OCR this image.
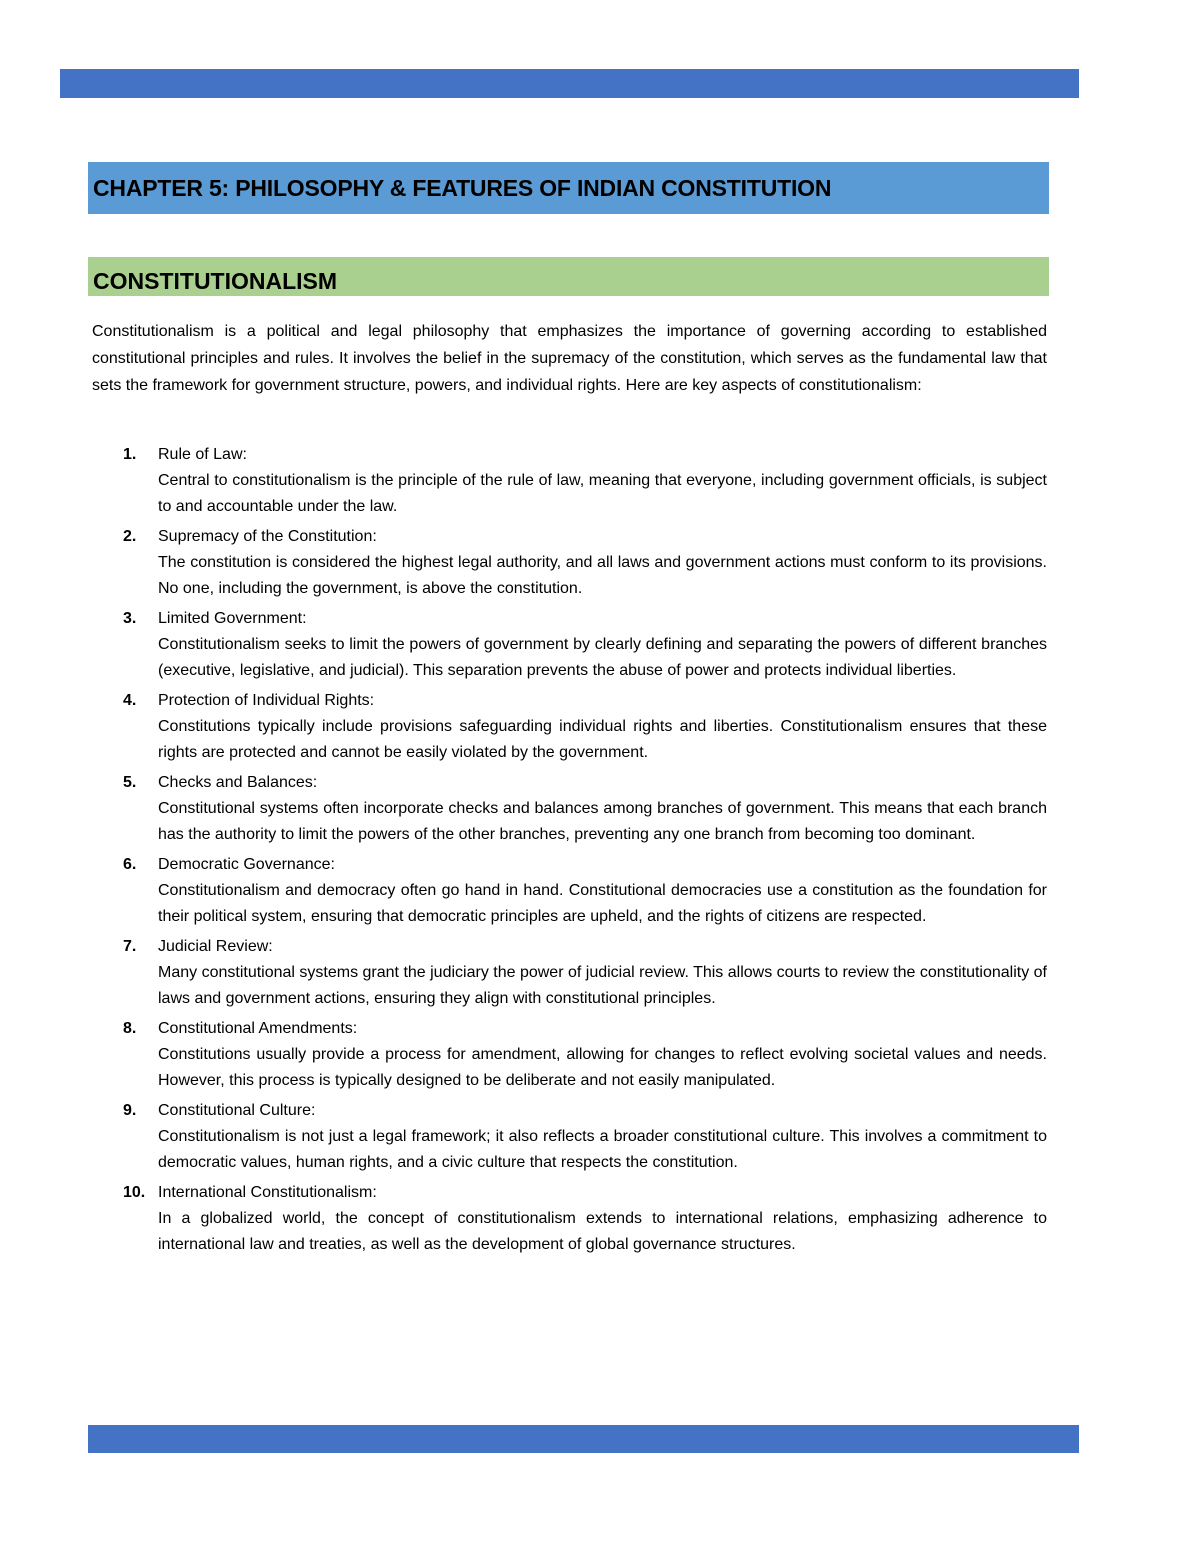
CHAPTER 5: PHILOSOPHY & FEATURES OF INDIAN CONSTITUTION
CONSTITUTIONALISM

Constitutionalism is a political and legal philosophy that emphasizes the importance of governing according to established constitutional principles and rules. It involves the belief in the supremacy of the constitution, which serves as the fundamental law that sets the framework for government structure, powers, and individual rights. Here are key aspects of constitutionalism:

1.	Rule of Law:

Central to constitutionalism is the principle of the rule of law, meaning that everyone, including government officials, is subject to and accountable under the law.

2.	Supremacy of the Constitution:

The constitution is considered the highest legal authority, and all laws and government actions must conform to its provisions. No one, including the government, is above the constitution.

3.	Limited Government:

Constitutionalism seeks to limit the powers of government by clearly defining and separating the powers of different branches (executive, legislative, and judicial). This separation prevents the abuse of power and protects individual liberties.

4.	Protection of Individual Rights:

Constitutions typically include provisions safeguarding individual rights and liberties. Constitutionalism ensures that these rights are protected and cannot be easily violated by the government.

5.	Checks and Balances:

Constitutional systems often incorporate checks and balances among branches of government. This means that each branch has the authority to limit the powers of the other branches, preventing any one branch from becoming too dominant.

6.	Democratic Governance:

Constitutionalism and democracy often go hand in hand. Constitutional democracies use a constitution as the foundation for their political system, ensuring that democratic principles are upheld, and the rights of citizens are respected.

7.	Judicial Review:

Many constitutional systems grant the judiciary the power of judicial review. This allows courts to review the constitutionality of laws and government actions, ensuring they align with constitutional principles.

8.	Constitutional Amendments:

Constitutions usually provide a process for amendment, allowing for changes to reflect evolving societal values and needs. However, this process is typically designed to be deliberate and not easily manipulated.

9.	Constitutional Culture:

Constitutionalism is not just a legal framework; it also reflects a broader constitutional culture. This involves a commitment to democratic values, human rights, and a civic culture that respects the constitution.

10. International Constitutionalism:

In a globalized world, the concept of constitutionalism extends to international relations, emphasizing adherence to international law and treaties, as well as the development of global governance structures.
